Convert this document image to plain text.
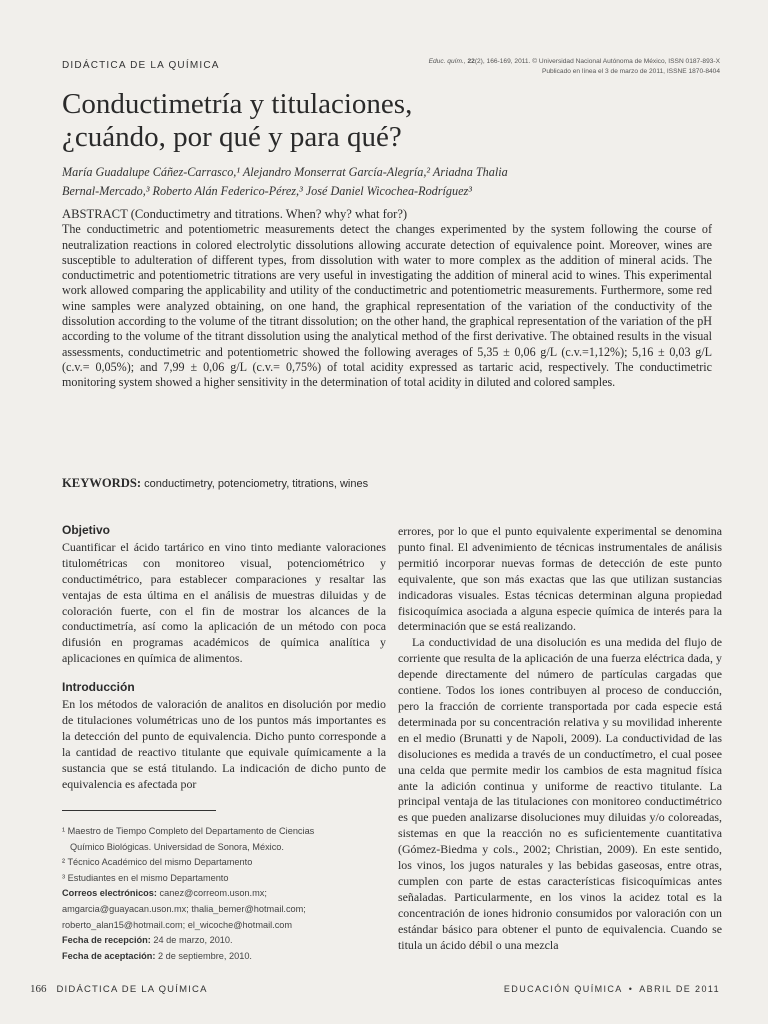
DIDÁCTICA DE LA QUÍMICA	Educ. quím., 22(2), 166-169, 2011. © Universidad Nacional Autónoma de México, ISSN 0187-893-X
Publicado en línea el 3 de marzo de 2011, ISSNE 1870-8404
Conductimetría y titulaciones,
¿cuándo, por qué y para qué?
María Guadalupe Cáñez-Carrasco,¹ Alejandro Monserrat García-Alegría,² Ariadna Thalia
Bernal-Mercado,³ Roberto Alán Federico-Pérez,³ José Daniel Wicochea-Rodríguez³
ABSTRACT (Conductimetry and titrations. When? why? what for?)
The conductimetric and potentiometric measurements detect the changes experimented by the system following the course of neutralization reactions in colored electrolytic dissolutions allowing accurate detection of equivalence point. Moreover, wines are susceptible to adulteration of different types, from dissolution with water to more complex as the addition of mineral acids. The conductimetric and potentiometric titrations are very useful in investigating the addition of mineral acid to wines. This experimental work allowed comparing the applicability and utility of the conductimetric and potentiometric measurements. Furthermore, some red wine samples were analyzed obtaining, on one hand, the graphical representation of the variation of the conductivity of the dissolution according to the volume of the titrant dissolution; on the other hand, the graphical representation of the variation of the pH according to the volume of the titrant dissolution using the analytical method of the first derivative. The obtained results in the visual assessments, conductimetric and potentiometric showed the following averages of 5,35 ± 0,06 g/L (c.v.=1,12%); 5,16 ± 0,03 g/L (c.v.= 0,05%); and 7,99 ± 0,06 g/L (c.v.= 0,75%) of total acidity expressed as tartaric acid, respectively. The conductimetric monitoring system showed a higher sensitivity in the determination of total acidity in diluted and colored samples.
KEYWORDS: conductimetry, potenciometry, titrations, wines
Objetivo

Cuantificar el ácido tartárico en vino tinto mediante valoraciones titulométricas con monitoreo visual, potenciométrico y conductimétrico, para establecer comparaciones y resaltar las ventajas de esta última en el análisis de muestras diluidas y de coloración fuerte, con el fin de mostrar los alcances de la conductimetría, así como la aplicación de un método con poca difusión en programas académicos de química analítica y aplicaciones en química de alimentos.

Introducción

En los métodos de valoración de analitos en disolución por medio de titulaciones volumétricas uno de los puntos más importantes es la detección del punto de equivalencia. Dicho punto corresponde a la cantidad de reactivo titulante que equivale químicamente a la sustancia que se está titulando. La indicación de dicho punto de equivalencia es afectada por

errores, por lo que el punto equivalente experimental se denomina punto final. El advenimiento de técnicas instrumentales de análisis permitió incorporar nuevas formas de detección de este punto equivalente, que son más exactas que las que utilizan sustancias indicadoras visuales. Estas técnicas determinan alguna propiedad fisicoquímica asociada a alguna especie química de interés para la determinación que se está realizando.

La conductividad de una disolución es una medida del flujo de corriente que resulta de la aplicación de una fuerza eléctrica dada, y depende directamente del número de partículas cargadas que contiene. Todos los iones contribuyen al proceso de conducción, pero la fracción de corriente transportada por cada especie está determinada por su concentración relativa y su movilidad inherente en el medio (Brunatti y de Napoli, 2009). La conductividad de las disoluciones es medida a través de un conductímetro, el cual posee una celda que permite medir los cambios de esta magnitud física ante la adición continua y uniforme de reactivo titulante. La principal ventaja de las titulaciones con monitoreo conductimétrico es que pueden analizarse disoluciones muy diluidas y/o coloreadas, sistemas en que la reacción no es suficientemente cuantitativa (Gómez-Biedma y cols., 2002; Christian, 2009). En este sentido, los vinos, los jugos naturales y las bebidas gaseosas, entre otras, cumplen con parte de estas características fisicoquímicas antes señaladas. Particularmente, en los vinos la acidez total es la concentración de iones hidronio consumidos por valoración con un estándar básico para obtener el punto de equivalencia. Cuando se titula un ácido débil o una mezcla

¹ Maestro de Tiempo Completo del Departamento de Ciencias

Químico Biológicas. Universidad de Sonora, México.

² Técnico Académico del mismo Departamento

³ Estudiantes en el mismo Departamento

Correos electrónicos: canez@correom.uson.mx;

amgarcia@guayacan.uson.mx; thalia_bemer@hotmail.com;

roberto_alan15@hotmail.com; el_wicoche@hotmail.com

Fecha de recepción: 24 de marzo, 2010.

Fecha de aceptación: 2 de septiembre, 2010.

166 DIDÁCTICA DE LA QUÍMICA	EDUCACIÓN QUÍMICA • ABRIL DE 2011
